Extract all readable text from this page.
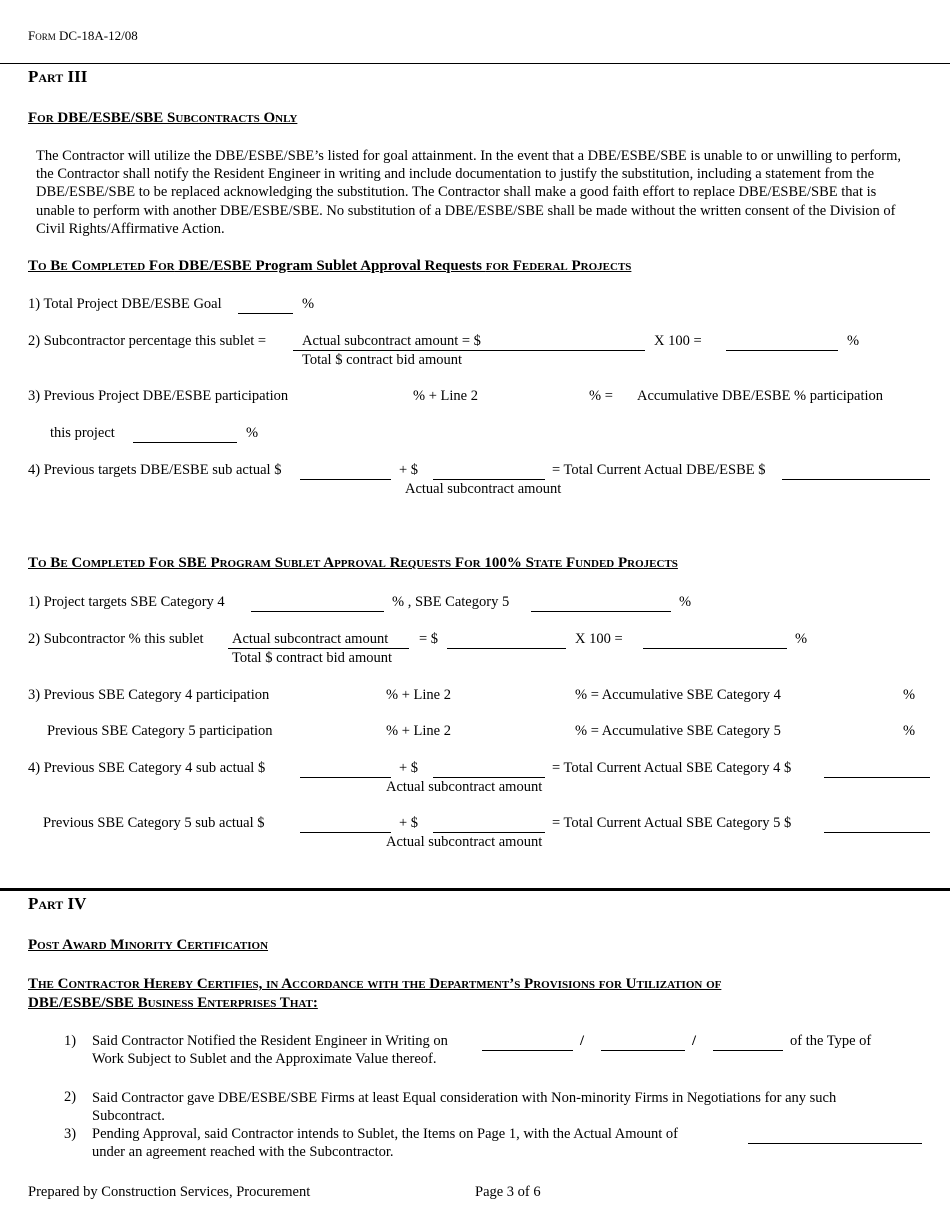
Form DC-18A-12/08
Part III
For DBE/ESBE/SBE Subcontracts Only
The Contractor will utilize the DBE/ESBE/SBE’s listed for goal attainment. In the event that a DBE/ESBE/SBE is unable to or unwilling to perform, the Contractor shall notify the Resident Engineer in writing and include documentation to justify the substitution, including a statement from the DBE/ESBE/SBE to be replaced acknowledging the substitution. The Contractor shall make a good faith effort to replace DBE/ESBE/SBE that is unable to perform with another DBE/ESBE/SBE. No substitution of a DBE/ESBE/SBE shall be made without the written consent of the Division of Civil Rights/Affirmative Action.
To Be Completed For DBE/ESBE Program Sublet Approval Requests for Federal Projects
1) Total Project DBE/ESBE Goal	%
2) Subcontractor percentage this sublet = Actual subcontract amount = $
Total $ contract bid amount
X 100 =	%
3) Previous Project DBE/ESBE participation	% + Line 2	% = Accumulative DBE/ESBE % participation
this project	%
4) Previous targets DBE/ESBE sub actual $	+ $	= Total Current Actual DBE/ESBE $
Actual subcontract amount
To Be Completed For SBE Program Sublet Approval Requests For 100% State Funded Projects
1) Project targets SBE Category 4	% , SBE Category 5	%
2) Subcontractor % this sublet Actual subcontract amount
Total $ contract bid amount
= $	X 100 =	%
3) Previous SBE Category 4 participation	% + Line 2	% = Accumulative SBE Category 4	%
Previous SBE Category 5 participation	% + Line 2	% = Accumulative SBE Category 5	%
4) Previous SBE Category 4 sub actual $	+ $	= Total Current Actual SBE Category 4 $
Actual subcontract amount
Previous SBE Category 5 sub actual $	+ $	= Total Current Actual SBE Category 5 $
Actual subcontract amount
Part IV
Post Award Minority Certification
The Contractor Hereby Certifies, in Accordance with the Department’s Provisions for Utilization of
DBE/ESBE/SBE Business Enterprises That:
1) Said Contractor Notified the Resident Engineer in Writing on	/	/	of the Type of
Work Subject to Sublet and the Approximate Value thereof.
2) Said Contractor gave DBE/ESBE/SBE Firms at least Equal consideration with Non-minority Firms in Negotiations for any such Subcontract.
3) Pending Approval, said Contractor intends to Sublet, the Items on Page 1, with the Actual Amount of
under an agreement reached with the Subcontractor.
Prepared by Construction Services, Procurement	Page 3 of 6
